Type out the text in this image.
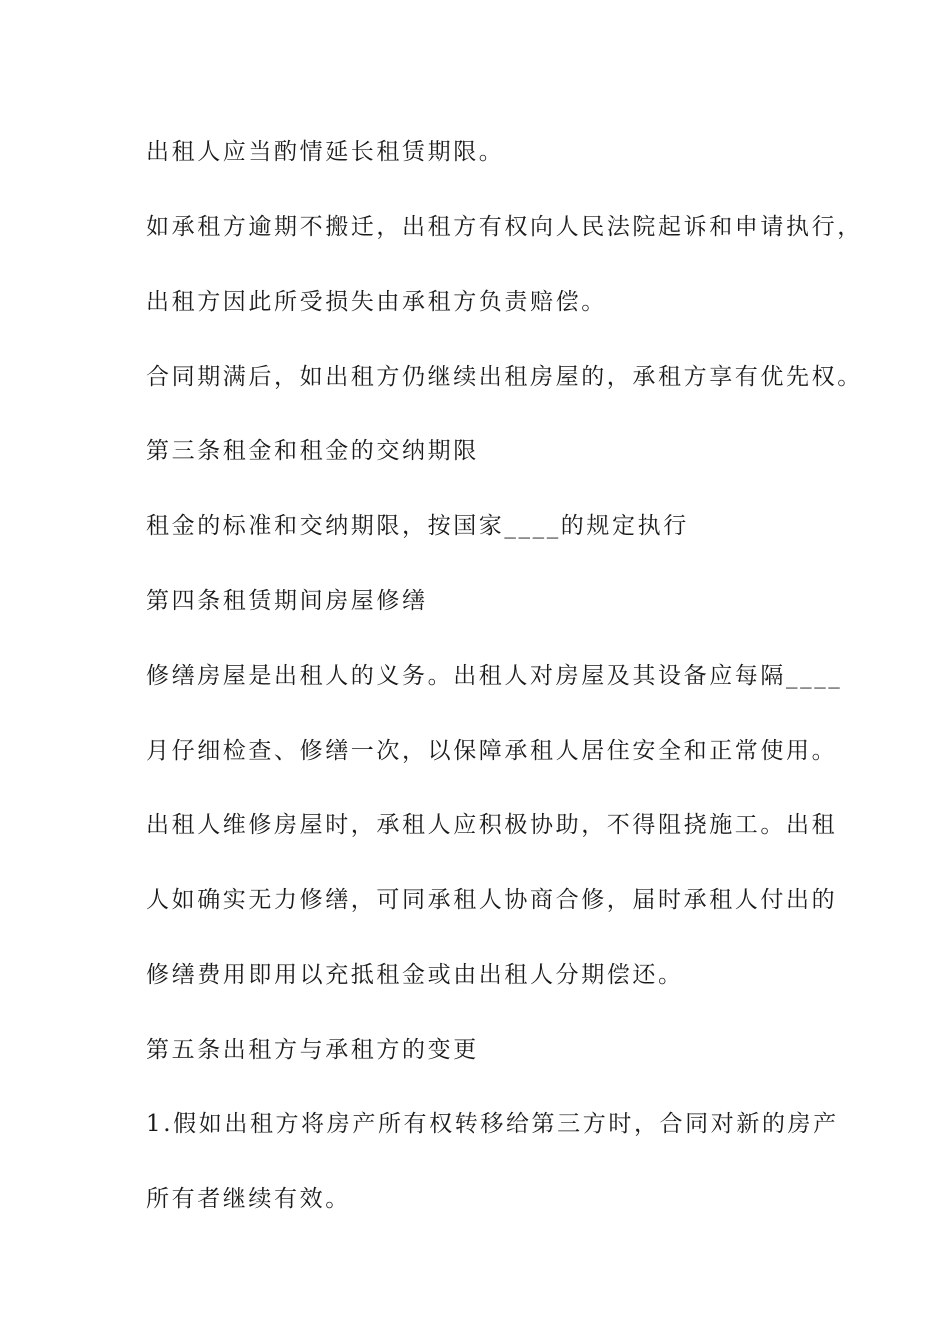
出租人应当酌情延长租赁期限。

如承租方逾期不搬迁，出租方有权向人民法院起诉和申请执行，

出租方因此所受损失由承租方负责赔偿。

合同期满后，如出租方仍继续出租房屋的，承租方享有优先权。

第三条租金和租金的交纳期限

租金的标准和交纳期限，按国家____的规定执行

第四条租赁期间房屋修缮

修缮房屋是出租人的义务。出租人对房屋及其设备应每隔____

月仔细检查、修缮一次，以保障承租人居住安全和正常使用。

出租人维修房屋时，承租人应积极协助，不得阻挠施工。出租

人如确实无力修缮，可同承租人协商合修，届时承租人付出的

修缮费用即用以充抵租金或由出租人分期偿还。

第五条出租方与承租方的变更

1.假如出租方将房产所有权转移给第三方时，合同对新的房产

所有者继续有效。
